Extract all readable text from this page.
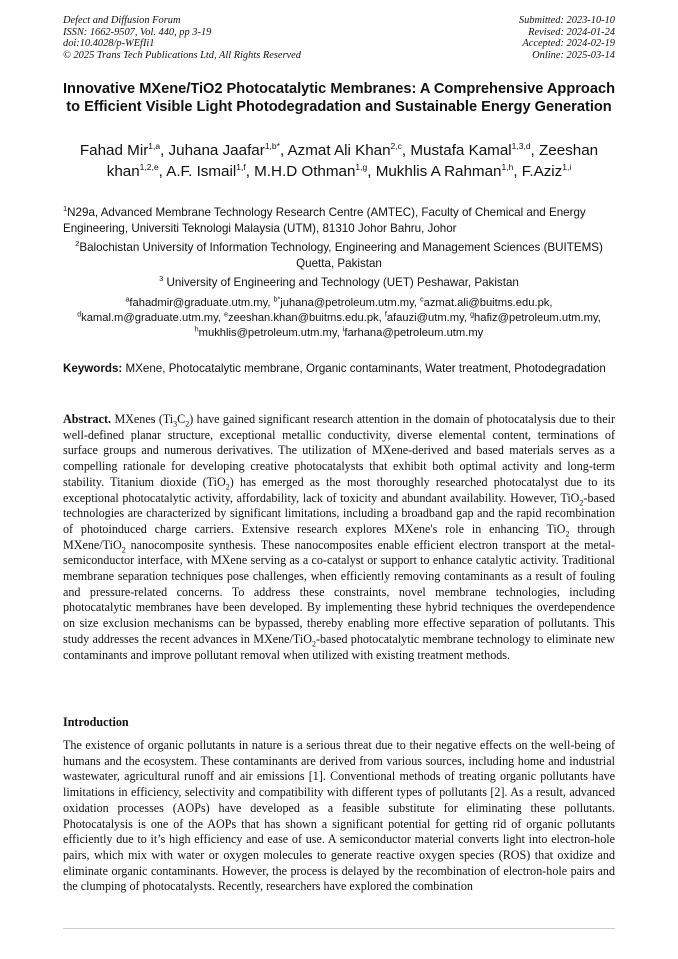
Defect and Diffusion Forum
ISSN: 1662-9507, Vol. 440, pp 3-19
doi:10.4028/p-WEfIi1
© 2025 Trans Tech Publications Ltd, All Rights Reserved
Submitted: 2023-10-10
Revised: 2024-01-24
Accepted: 2024-02-19
Online: 2025-03-14
Innovative MXene/TiO2 Photocatalytic Membranes: A Comprehensive Approach to Efficient Visible Light Photodegradation and Sustainable Energy Generation
Fahad Mir$^{1,a}$, Juhana Jaafar$^{1,b*}$, Azmat Ali Khan$^{2,c}$, Mustafa Kamal$^{1,3,d}$, Zeeshan khan$^{1,2,e}$, A.F. Ismail$^{1,f}$, M.H.D Othman$^{1,g}$, Mukhlis A Rahman$^{1,h}$, F.Aziz$^{1,i}$
$^1$N29a, Advanced Membrane Technology Research Centre (AMTEC), Faculty of Chemical and Energy Engineering, Universiti Teknologi Malaysia (UTM), 81310 Johor Bahru, Johor
$^2$Balochistan University of Information Technology, Engineering and Management Sciences (BUITEMS) Quetta, Pakistan
$^3$ University of Engineering and Technology (UET) Peshawar, Pakistan
$^a$fahadmir@graduate.utm.my, $^{b*}$juhana@petroleum.utm.my, $^c$azmat.ali@buitms.edu.pk, $^d$kamal.m@graduate.utm.my, $^e$zeeshan.khan@buitms.edu.pk, $^f$afauzi@utm.my, $^g$hafiz@petroleum.utm.my, $^h$mukhlis@petroleum.utm.my, $^i$farhana@petroleum.utm.my
Keywords: MXene, Photocatalytic membrane, Organic contaminants, Water treatment, Photodegradation
Abstract. MXenes $(Ti_3C_2)$ have gained significant research attention in the domain of photocatalysis due to their well-defined planar structure, exceptional metallic conductivity, diverse elemental content, terminations of surface groups and numerous derivatives. The utilization of MXene-derived and based materials serves as a compelling rationale for developing creative photocatalysts that exhibit both optimal activity and long-term stability. Titanium dioxide (TiO$_2$) has emerged as the most thoroughly researched photocatalyst due to its exceptional photocatalytic activity, affordability, lack of toxicity and abundant availability. However, TiO$_2$-based technologies are characterized by significant limitations, including a broadband gap and the rapid recombination of photoinduced charge carriers. Extensive research explores MXene's role in enhancing TiO$_2$ through MXene/TiO$_2$ nanocomposite synthesis. These nanocomposites enable efficient electron transport at the metal-semiconductor interface, with MXene serving as a co-catalyst or support to enhance catalytic activity. Traditional membrane separation techniques pose challenges, when efficiently removing contaminants as a result of fouling and pressure-related concerns. To address these constraints, novel membrane technologies, including photocatalytic membranes have been developed. By implementing these hybrid techniques the overdependence on size exclusion mechanisms can be bypassed, thereby enabling more effective separation of pollutants. This study addresses the recent advances in MXene/TiO$_2$-based photocatalytic membrane technology to eliminate new contaminants and improve pollutant removal when utilized with existing treatment methods.
Introduction
The existence of organic pollutants in nature is a serious threat due to their negative effects on the well-being of humans and the ecosystem. These contaminants are derived from various sources, including home and industrial wastewater, agricultural runoff and air emissions [1]. Conventional methods of treating organic pollutants have limitations in efficiency, selectivity and compatibility with different types of pollutants [2]. As a result, advanced oxidation processes (AOPs) have developed as a feasible substitute for eliminating these pollutants. Photocatalysis is one of the AOPs that has shown a significant potential for getting rid of organic pollutants efficiently due to it’s high efficiency and ease of use. A semiconductor material converts light into electron-hole pairs, which mix with water or oxygen molecules to generate reactive oxygen species (ROS) that oxidize and eliminate organic contaminants. However, the process is delayed by the recombination of electron-hole pairs and the clumping of photocatalysts. Recently, researchers have explored the combination
